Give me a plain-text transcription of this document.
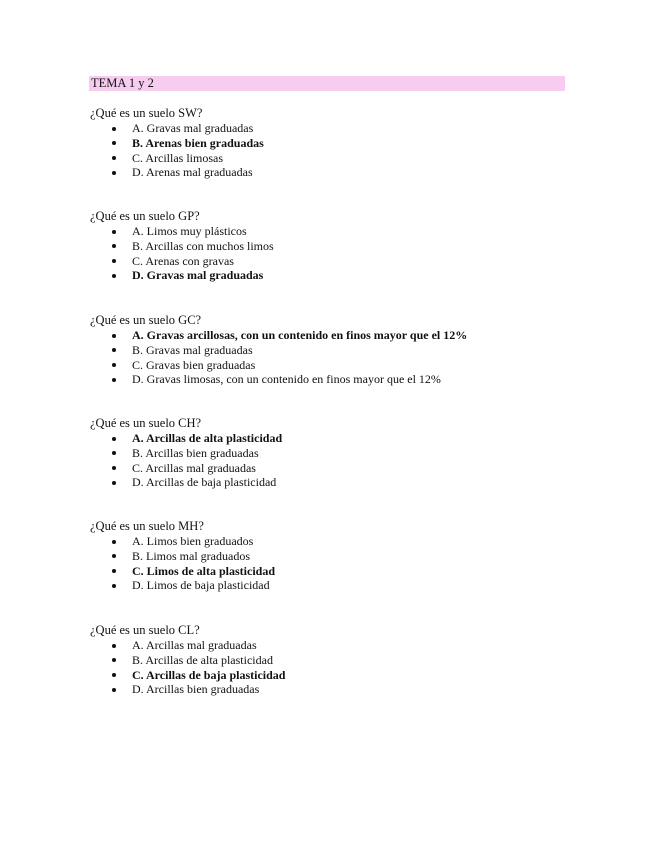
TEMA 1 y 2

¿Qué es un suelo SW?

A. Gravas mal graduadas
B. Arenas bien graduadas
C. Arcillas limosas
D. Arenas mal graduadas

¿Qué es un suelo GP?

A. Limos muy plásticos
B. Arcillas con muchos limos
C. Arenas con gravas
D. Gravas mal graduadas

¿Qué es un suelo GC?

A. Gravas arcillosas, con un contenido en finos mayor que el 12%
B. Gravas mal graduadas
C. Gravas bien graduadas
D. Gravas limosas, con un contenido en finos mayor que el 12%

¿Qué es un suelo CH?

A. Arcillas de alta plasticidad
B. Arcillas bien graduadas
C. Arcillas mal graduadas
D. Arcillas de baja plasticidad

¿Qué es un suelo MH?

A. Limos bien graduados
B. Limos mal graduados
C. Limos de alta plasticidad
D. Limos de baja plasticidad

¿Qué es un suelo CL?

A. Arcillas mal graduadas
B. Arcillas de alta plasticidad
C. Arcillas de baja plasticidad
D. Arcillas bien graduadas
